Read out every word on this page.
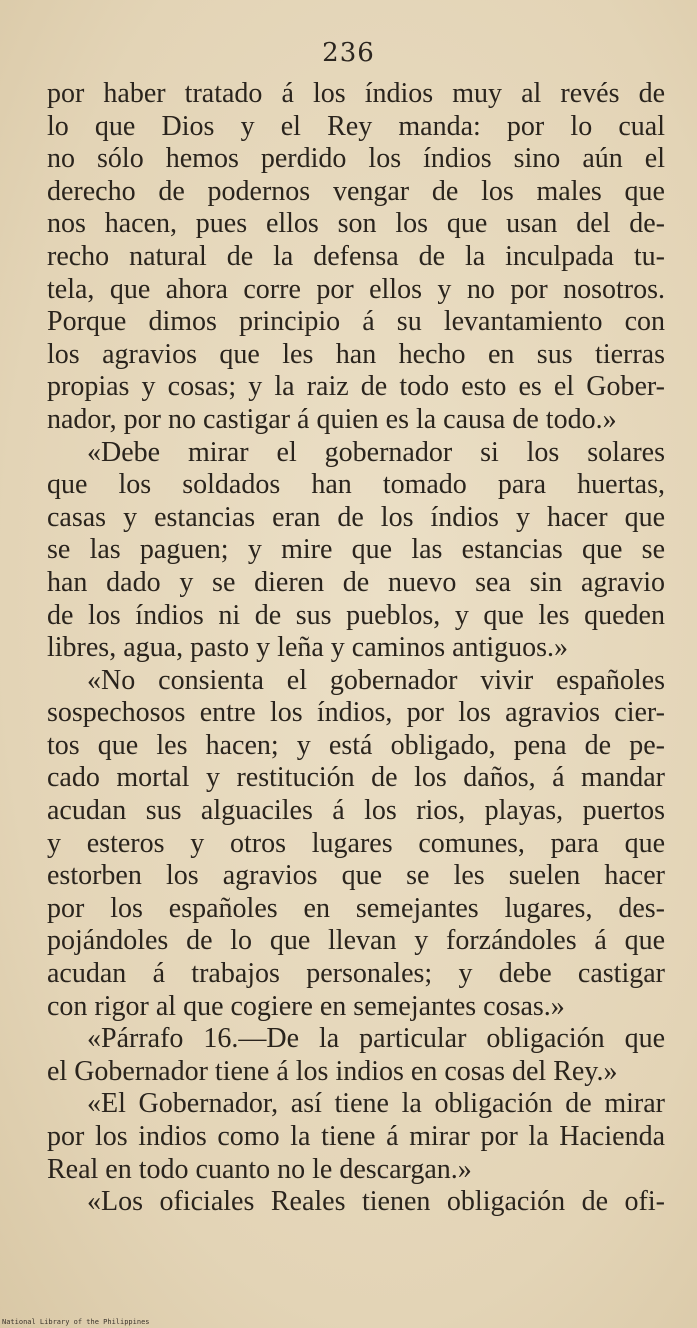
236
por haber tratado á los índios muy al revés de
lo que Dios y el Rey manda: por lo cual
no sólo hemos perdido los índios sino aún el
derecho de podernos vengar de los males que
nos hacen, pues ellos son los que usan del de-
recho natural de la defensa de la inculpada tu-
tela, que ahora corre por ellos y no por nosotros.
Porque dimos principio á su levantamiento con
los agravios que les han hecho en sus tierras
propias y cosas; y la raiz de todo esto es el Gober-
nador, por no castigar á quien es la causa de todo.»
«Debe mirar el gobernador si los solares
que los soldados han tomado para huertas,
casas y estancias eran de los índios y hacer que
se las paguen; y mire que las estancias que se
han dado y se dieren de nuevo sea sin agravio
de los índios ni de sus pueblos, y que les queden
libres, agua, pasto y leña y caminos antiguos.»
«No consienta el gobernador vivir españoles
sospechosos entre los índios, por los agravios cier-
tos que les hacen; y está obligado, pena de pe-
cado mortal y restitución de los daños, á mandar
acudan sus alguaciles á los rios, playas, puertos
y esteros y otros lugares comunes, para que
estorben los agravios que se les suelen hacer
por los españoles en semejantes lugares, des-
pojándoles de lo que llevan y forzándoles á que
acudan á trabajos personales; y debe castigar
con rigor al que cogiere en semejantes cosas.»
«Párrafo 16.—De la particular obligación que
el Gobernador tiene á los indios en cosas del Rey.»
«El Gobernador, así tiene la obligación de mirar
por los indios como la tiene á mirar por la Hacienda
Real en todo cuanto no le descargan.»
«Los oficiales Reales tienen obligación de ofi-
National Library of the Philippines
